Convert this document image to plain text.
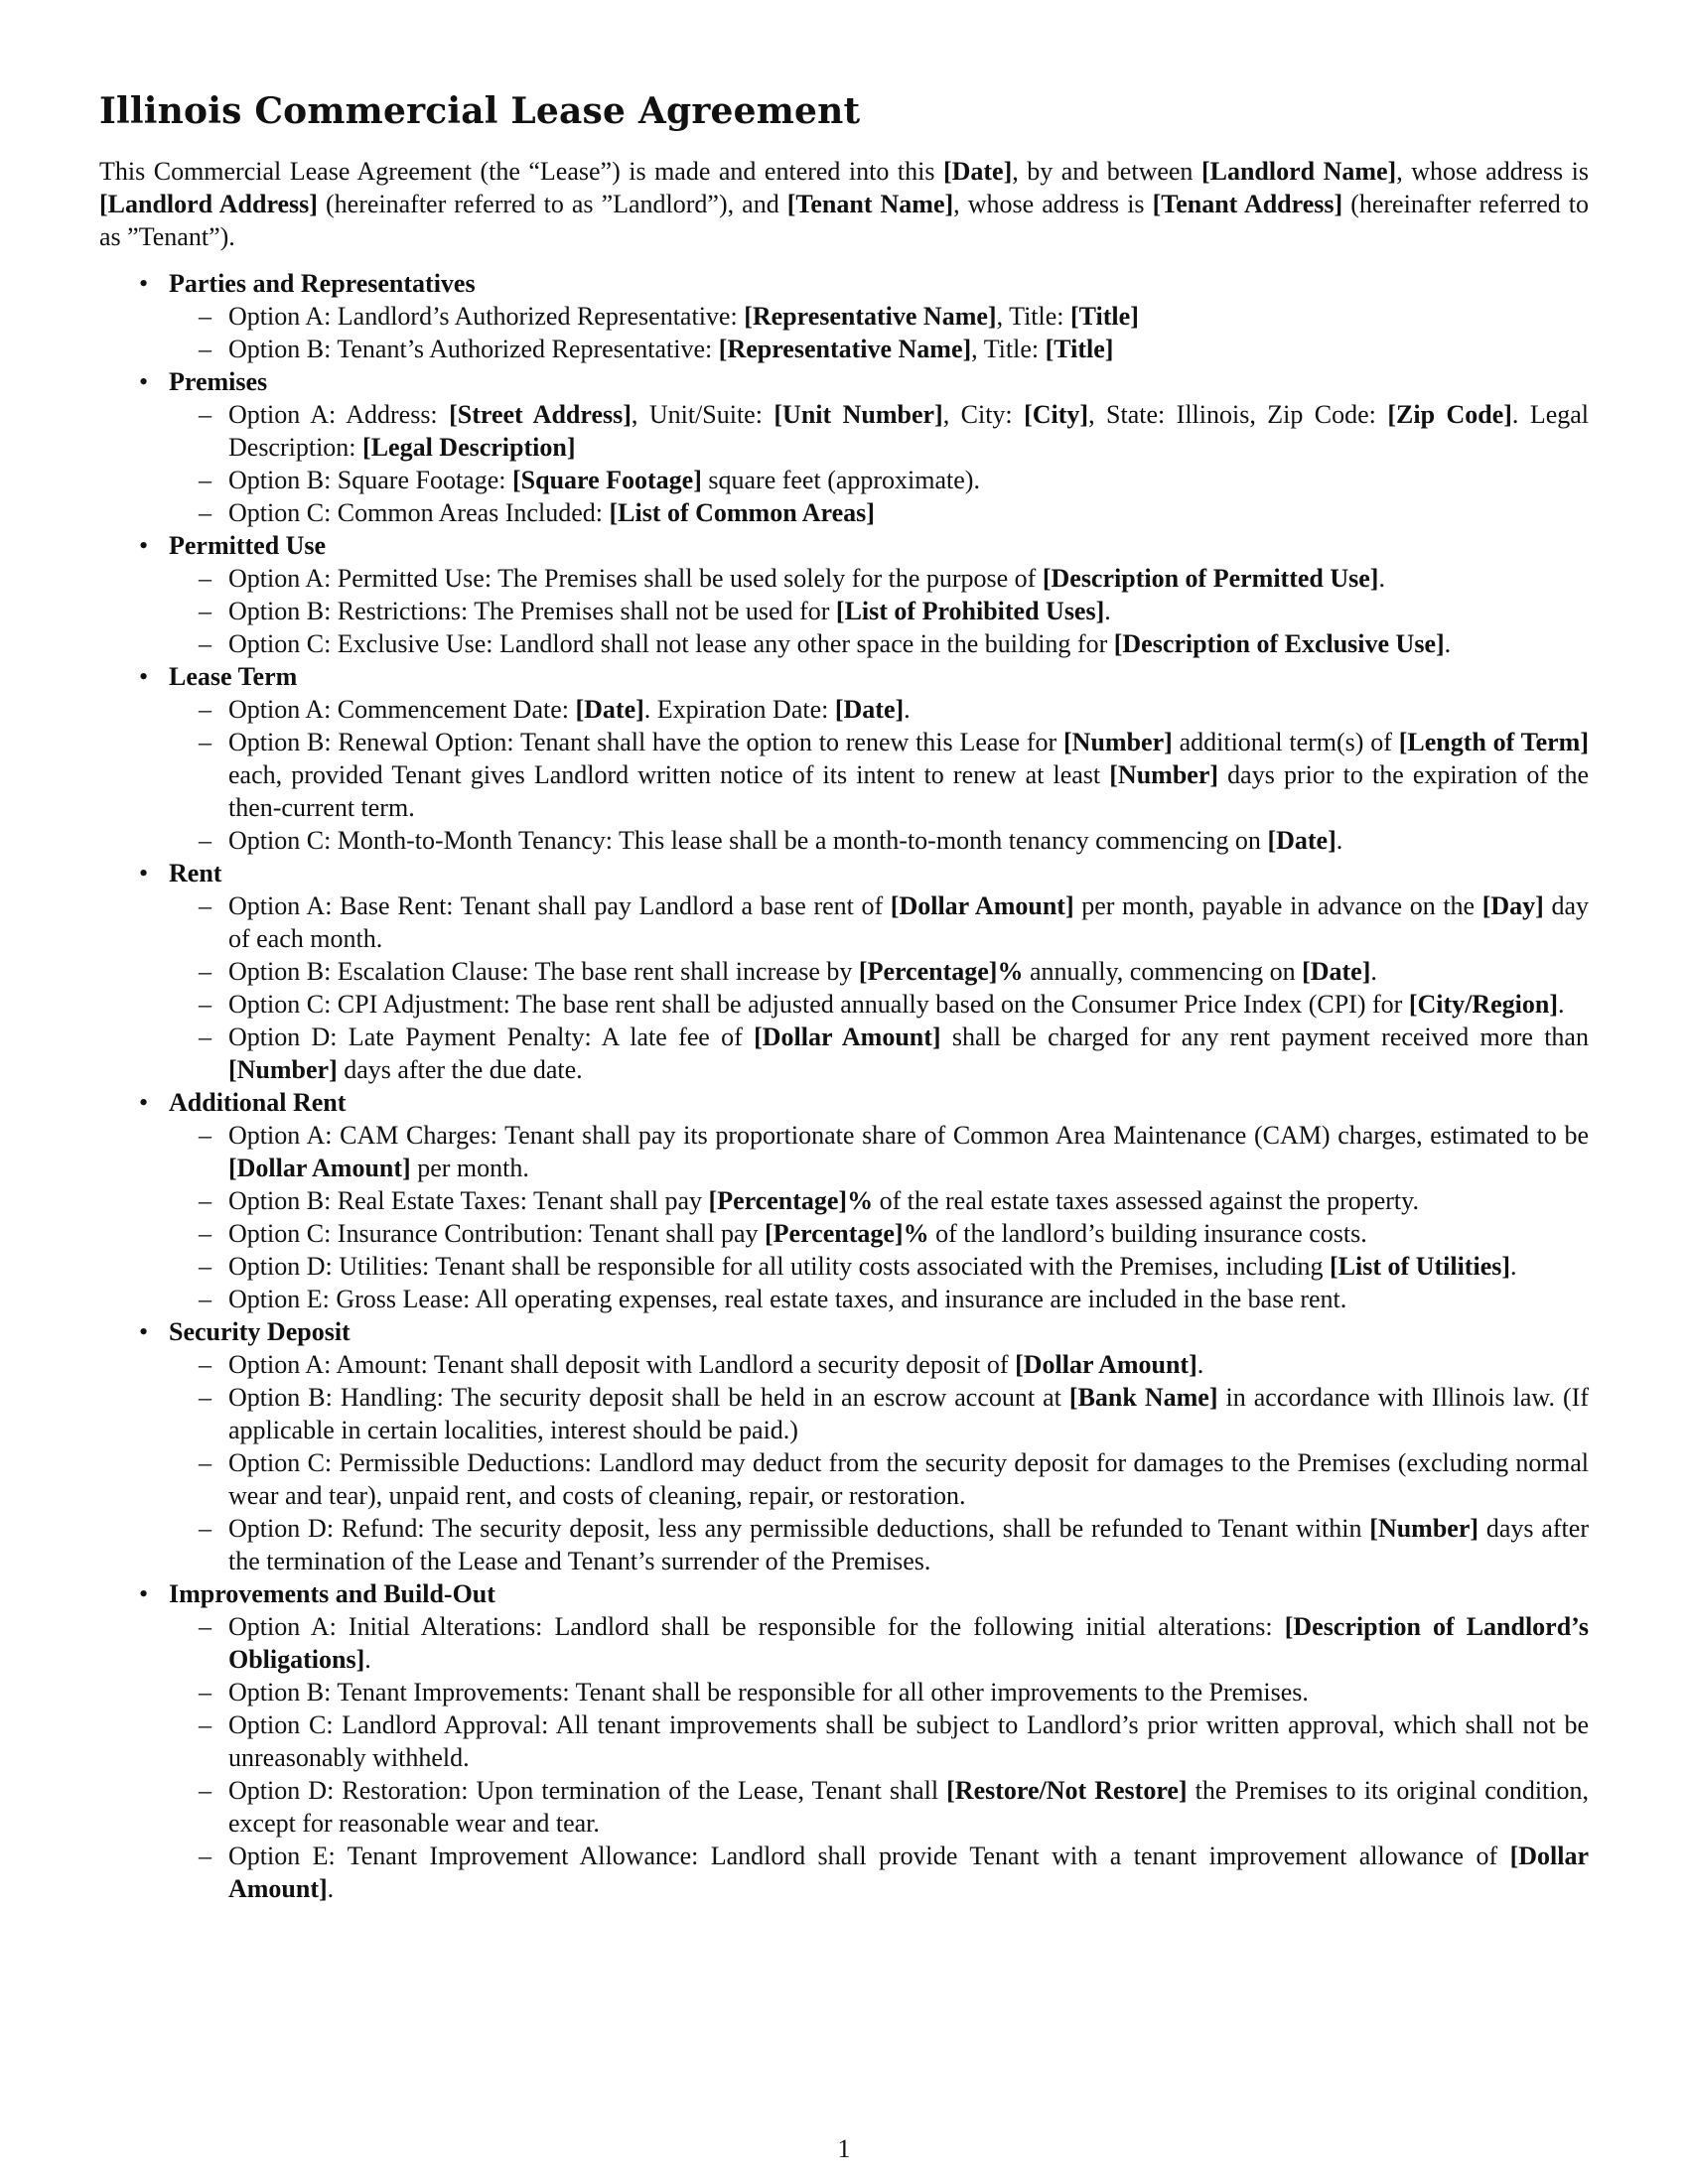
Illinois Commercial Lease Agreement

This Commercial Lease Agreement (the “Lease”) is made and entered into this [Date], by and between [Landlord Name], whose address is [Landlord Address] (hereinafter referred to as ”Landlord”), and [Tenant Name], whose address is [Tenant Address] (hereinafter referred to as ”Tenant”).

• Parties and Representatives
– Option A: Landlord’s Authorized Representative: [Representative Name], Title: [Title]
– Option B: Tenant’s Authorized Representative: [Representative Name], Title: [Title]
• Premises
– Option A: Address: [Street Address], Unit/Suite: [Unit Number], City: [City], State: Illinois, Zip Code: [Zip Code]. Legal Description: [Legal Description]
– Option B: Square Footage: [Square Footage] square feet (approximate).
– Option C: Common Areas Included: [List of Common Areas]
• Permitted Use
– Option A: Permitted Use: The Premises shall be used solely for the purpose of [Description of Permitted Use].
– Option B: Restrictions: The Premises shall not be used for [List of Prohibited Uses].
– Option C: Exclusive Use: Landlord shall not lease any other space in the building for [Description of Exclusive Use].
• Lease Term
– Option A: Commencement Date: [Date]. Expiration Date: [Date].
– Option B: Renewal Option: Tenant shall have the option to renew this Lease for [Number] additional term(s) of [Length of Term] each, provided Tenant gives Landlord written notice of its intent to renew at least [Number] days prior to the expiration of the then-current term.
– Option C: Month-to-Month Tenancy: This lease shall be a month-to-month tenancy commencing on [Date].
• Rent
– Option A: Base Rent: Tenant shall pay Landlord a base rent of [Dollar Amount] per month, payable in advance on the [Day] day of each month.
– Option B: Escalation Clause: The base rent shall increase by [Percentage]% annually, commencing on [Date].
– Option C: CPI Adjustment: The base rent shall be adjusted annually based on the Consumer Price Index (CPI) for [City/Region].
– Option D: Late Payment Penalty: A late fee of [Dollar Amount] shall be charged for any rent payment received more than [Number] days after the due date.
• Additional Rent
– Option A: CAM Charges: Tenant shall pay its proportionate share of Common Area Maintenance (CAM) charges, estimated to be [Dollar Amount] per month.
– Option B: Real Estate Taxes: Tenant shall pay [Percentage]% of the real estate taxes assessed against the property.
– Option C: Insurance Contribution: Tenant shall pay [Percentage]% of the landlord’s building insurance costs.
– Option D: Utilities: Tenant shall be responsible for all utility costs associated with the Premises, including [List of Utilities].
– Option E: Gross Lease: All operating expenses, real estate taxes, and insurance are included in the base rent.
• Security Deposit
– Option A: Amount: Tenant shall deposit with Landlord a security deposit of [Dollar Amount].
– Option B: Handling: The security deposit shall be held in an escrow account at [Bank Name] in accordance with Illinois law. (If applicable in certain localities, interest should be paid.)
– Option C: Permissible Deductions: Landlord may deduct from the security deposit for damages to the Premises (excluding normal wear and tear), unpaid rent, and costs of cleaning, repair, or restoration.
– Option D: Refund: The security deposit, less any permissible deductions, shall be refunded to Tenant within [Number] days after the termination of the Lease and Tenant’s surrender of the Premises.
• Improvements and Build-Out
– Option A: Initial Alterations: Landlord shall be responsible for the following initial alterations: [Description of Landlord’s Obligations].
– Option B: Tenant Improvements: Tenant shall be responsible for all other improvements to the Premises.
– Option C: Landlord Approval: All tenant improvements shall be subject to Landlord’s prior written approval, which shall not be unreasonably withheld.
– Option D: Restoration: Upon termination of the Lease, Tenant shall [Restore/Not Restore] the Premises to its original condition, except for reasonable wear and tear.
– Option E: Tenant Improvement Allowance: Landlord shall provide Tenant with a tenant improvement allowance of [Dollar Amount].
1
